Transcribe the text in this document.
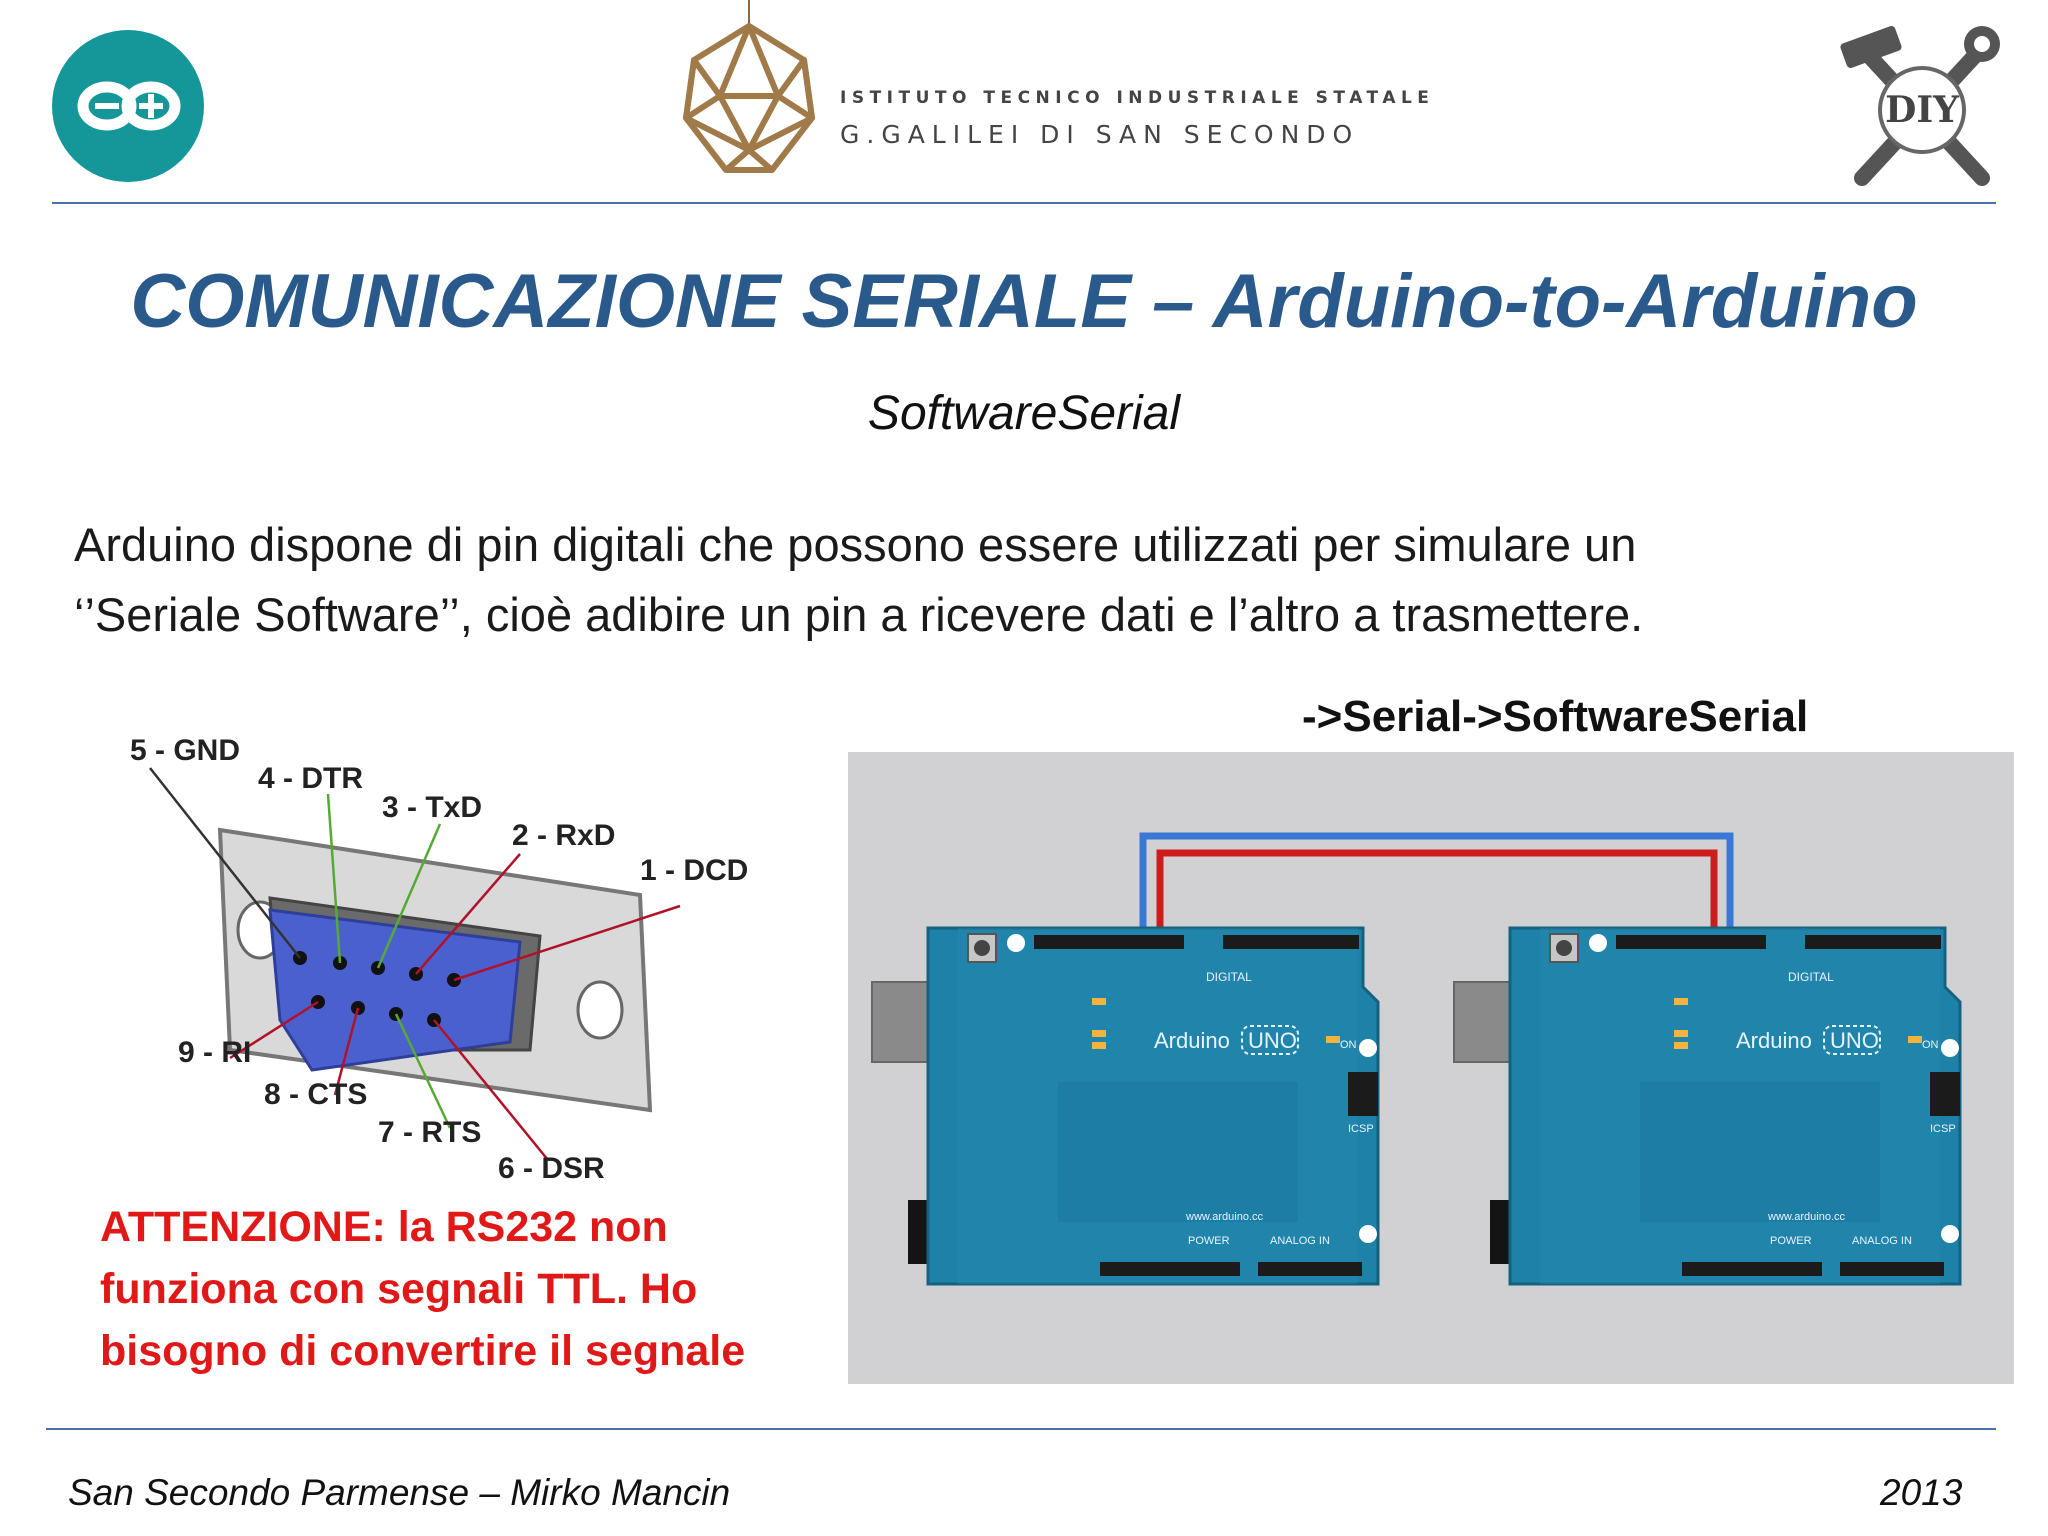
ISTITUTO TECNICO INDUSTRIALE STATALE
G.GALILEI DI SAN SECONDO
DIY
COMUNICAZIONE SERIALE – Arduino-to-Arduino
SoftwareSerial
Arduino dispone di pin digitali che possono essere utilizzati per simulare un
‘’Seriale Software’’, cioè adibire un pin a ricevere dati e l’altro a trasmettere.
->Serial->SoftwareSerial
5 - GND
4 - DTR
3 - TxD
2 - RxD
1 - DCD
9 - RI
8 - CTS
7 - RTS
6 - DSR
ATTENZIONE: la RS232 non
funziona con segnali TTL. Ho
bisogno di convertire il segnale
Arduino UNO
DIGITAL
ON
ICSP
www.arduino.cc
POWER	ANALOG IN
Arduino UNO
DIGITAL
ON
ICSP
www.arduino.cc
POWER	ANALOG IN
San Secondo Parmense – Mirko Mancin	2013
